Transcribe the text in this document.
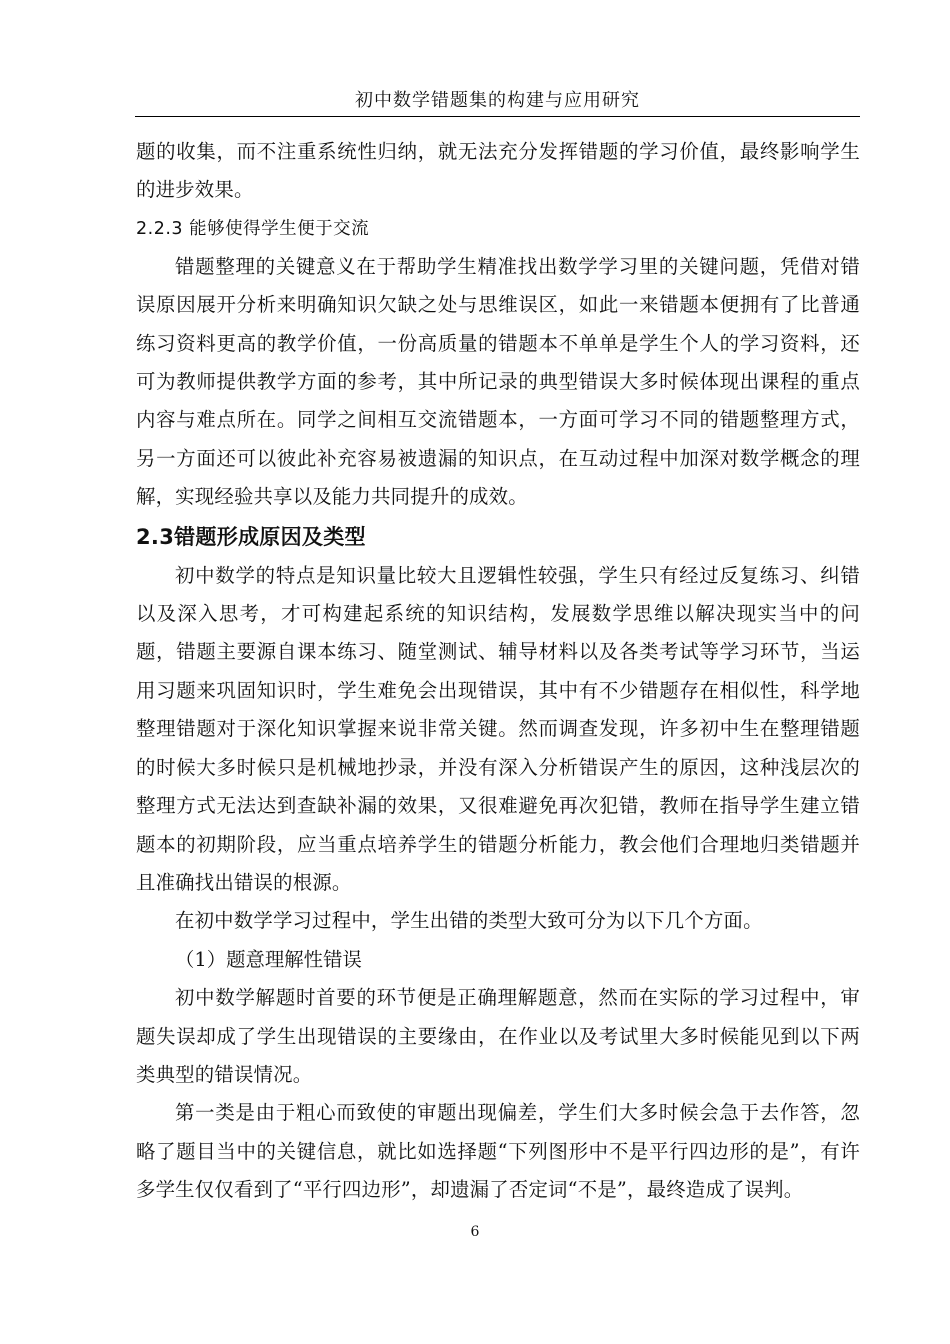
初中数学错题集的构建与应用研究

题的收集，而不注重系统性归纳，就无法充分发挥错题的学习价值，最终影响学生的进步效果。

2.2.3 能够使得学生便于交流

错题整理的关键意义在于帮助学生精准找出数学学习里的关键问题，凭借对错误原因展开分析来明确知识欠缺之处与思维误区，如此一来错题本便拥有了比普通练习资料更高的教学价值，一份高质量的错题本不单单是学生个人的学习资料，还可为教师提供教学方面的参考，其中所记录的典型错误大多时候体现出课程的重点内容与难点所在。同学之间相互交流错题本，一方面可学习不同的错题整理方式，另一方面还可以彼此补充容易被遗漏的知识点，在互动过程中加深对数学概念的理解，实现经验共享以及能力共同提升的成效。

2.3错题形成原因及类型

初中数学的特点是知识量比较大且逻辑性较强，学生只有经过反复练习、纠错以及深入思考，才可构建起系统的知识结构，发展数学思维以解决现实当中的问题，错题主要源自课本练习、随堂测试、辅导材料以及各类考试等学习环节，当运用习题来巩固知识时，学生难免会出现错误，其中有不少错题存在相似性，科学地整理错题对于深化知识掌握来说非常关键。然而调查发现，许多初中生在整理错题的时候大多时候只是机械地抄录，并没有深入分析错误产生的原因，这种浅层次的整理方式无法达到查缺补漏的效果，又很难避免再次犯错，教师在指导学生建立错题本的初期阶段，应当重点培养学生的错题分析能力，教会他们合理地归类错题并且准确找出错误的根源。

在初中数学学习过程中，学生出错的类型大致可分为以下几个方面。

（1）题意理解性错误

初中数学解题时首要的环节便是正确理解题意，然而在实际的学习过程中，审题失误却成了学生出现错误的主要缘由，在作业以及考试里大多时候能见到以下两类典型的错误情况。

第一类是由于粗心而致使的审题出现偏差，学生们大多时候会急于去作答，忽略了题目当中的关键信息，就比如选择题“下列图形中不是平行四边形的是”，有许多学生仅仅看到了“平行四边形”，却遗漏了否定词“不是”，最终造成了误判。

6
